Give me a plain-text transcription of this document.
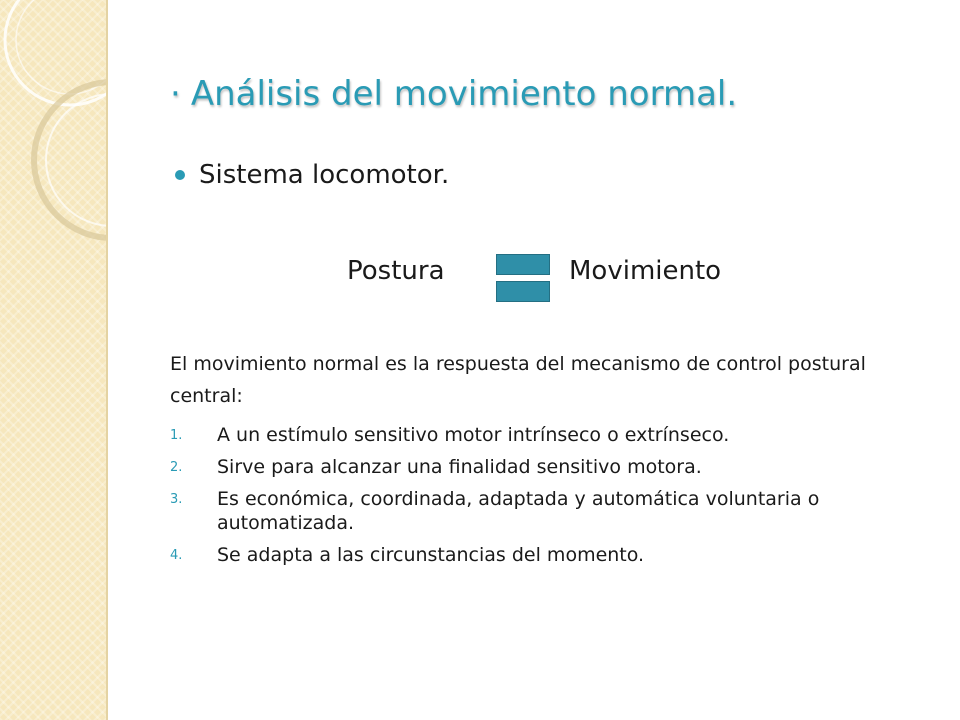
· Análisis del movimiento normal.
Sistema locomotor.
Postura	Movimiento
El movimiento normal es la respuesta del mecanismo de control postural central:
1. A un estímulo sensitivo motor intrínseco o extrínseco.
2. Sirve para alcanzar una finalidad sensitivo motora.
3. Es económica, coordinada, adaptada y automática voluntaria o automatizada.
4. Se adapta a las circunstancias del momento.
